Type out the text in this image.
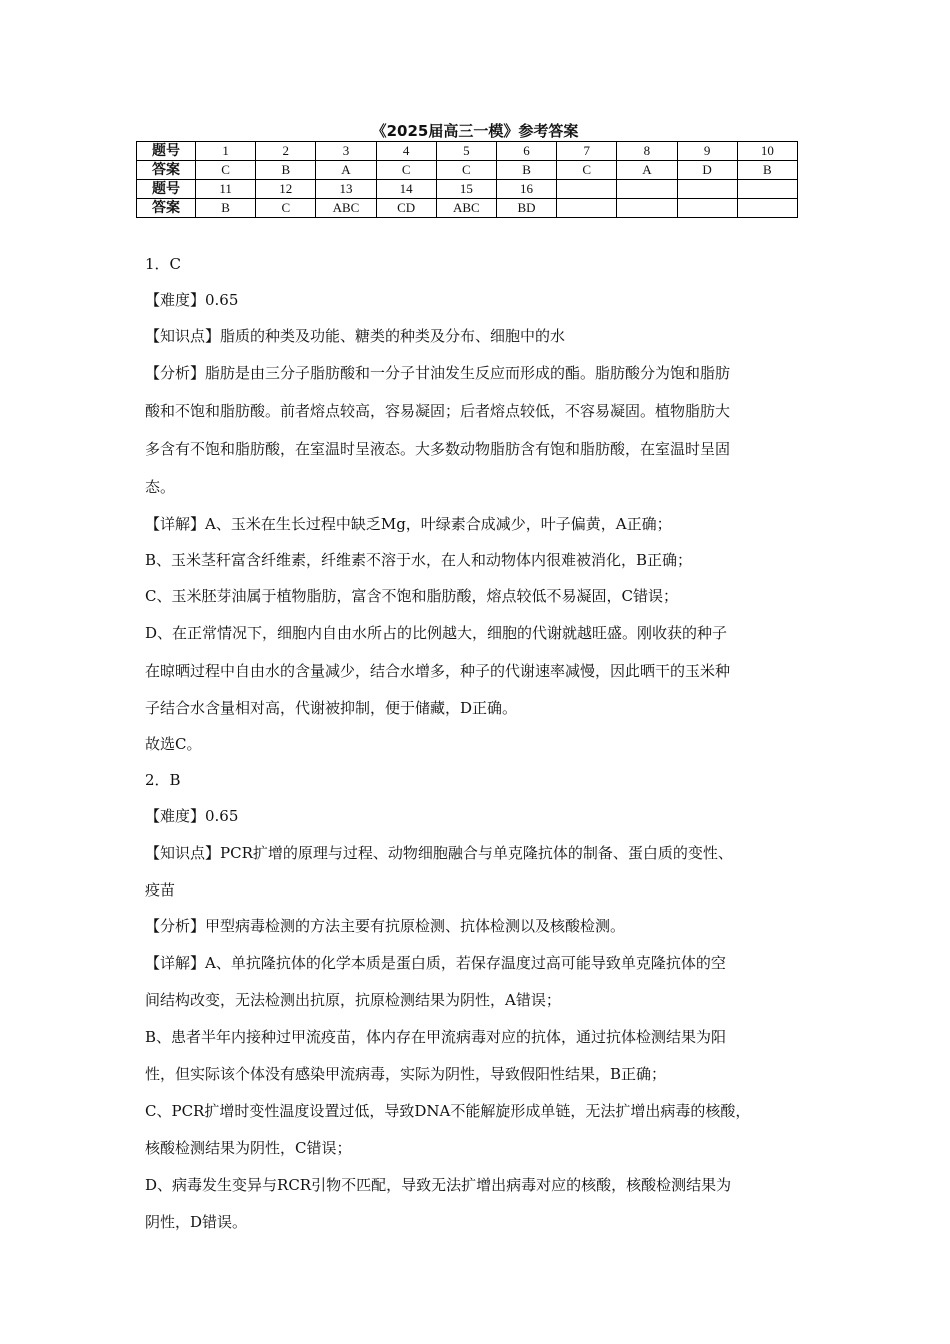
《2025届高三一模》参考答案
题号	1	2	3	4	5	6	7	8	9	10
答案	C	B	A	C	C	B	C	A	D	B
题号	11	12	13	14	15	16				
答案	B	C	ABC	CD	ABC	BD				

1．C

【难度】0.65

【知识点】脂质的种类及功能、糖类的种类及分布、细胞中的水

【分析】脂肪是由三分子脂肪酸和一分子甘油发生反应而形成的酯。脂肪酸分为饱和脂肪

酸和不饱和脂肪酸。前者熔点较高，容易凝固；后者熔点较低，不容易凝固。植物脂肪大

多含有不饱和脂肪酸，在室温时呈液态。大多数动物脂肪含有饱和脂肪酸，在室温时呈固

态。

【详解】A、玉米在生长过程中缺乏Mg，叶绿素合成减少，叶子偏黄，A正确；

B、玉米茎秆富含纤维素，纤维素不溶于水，在人和动物体内很难被消化，B正确；

C、玉米胚芽油属于植物脂肪，富含不饱和脂肪酸，熔点较低不易凝固，C错误；

D、在正常情况下，细胞内自由水所占的比例越大，细胞的代谢就越旺盛。刚收获的种子

在晾晒过程中自由水的含量减少，结合水增多，种子的代谢速率减慢，因此晒干的玉米种

子结合水含量相对高，代谢被抑制，便于储藏，D正确。

故选C。

2．B

【难度】0.65

【知识点】PCR扩增的原理与过程、动物细胞融合与单克隆抗体的制备、蛋白质的变性、

疫苗

【分析】甲型病毒检测的方法主要有抗原检测、抗体检测以及核酸检测。

【详解】A、单抗隆抗体的化学本质是蛋白质，若保存温度过高可能导致单克隆抗体的空

间结构改变，无法检测出抗原，抗原检测结果为阴性，A错误；

B、患者半年内接种过甲流疫苗，体内存在甲流病毒对应的抗体，通过抗体检测结果为阳

性，但实际该个体没有感染甲流病毒，实际为阴性，导致假阳性结果，B正确；

C、PCR扩增时变性温度设置过低，导致DNA不能解旋形成单链，无法扩增出病毒的核酸，

核酸检测结果为阴性，C错误；

D、病毒发生变异与RCR引物不匹配，导致无法扩增出病毒对应的核酸，核酸检测结果为

阴性，D错误。
